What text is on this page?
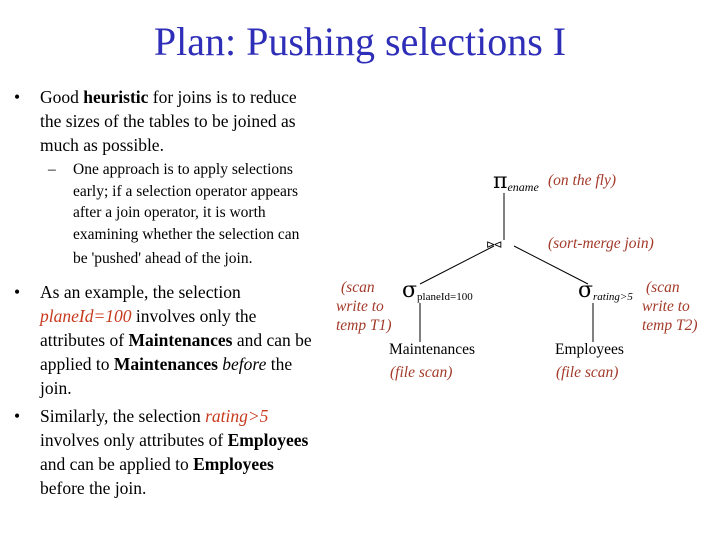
Plan: Pushing selections I
• Good heuristic for joins is to reduce
the sizes of the tables to be joined as
much as possible.
– One approach is to apply selections
early; if a selection operator appears
after a join operator, it is worth
examining whether the selection can
be 'pushed' ahead of the join.
• As an example, the selection
planeId=100 involves only the
attributes of Maintenances and can be
applied to Maintenances before the
join.
• Similarly, the selection rating>5
involves only attributes of Employees
and can be applied to Employees
before the join.
$\pi_{ename}$ (on the fly)
⊳⊲	(sort-merge join)
(scan
write to
temp T1)
$\sigma_{planeId=100}$	$\sigma_{rating>5}$
(scan
write to
temp T2)
Maintenances
(file scan)
Employees
(file scan)
